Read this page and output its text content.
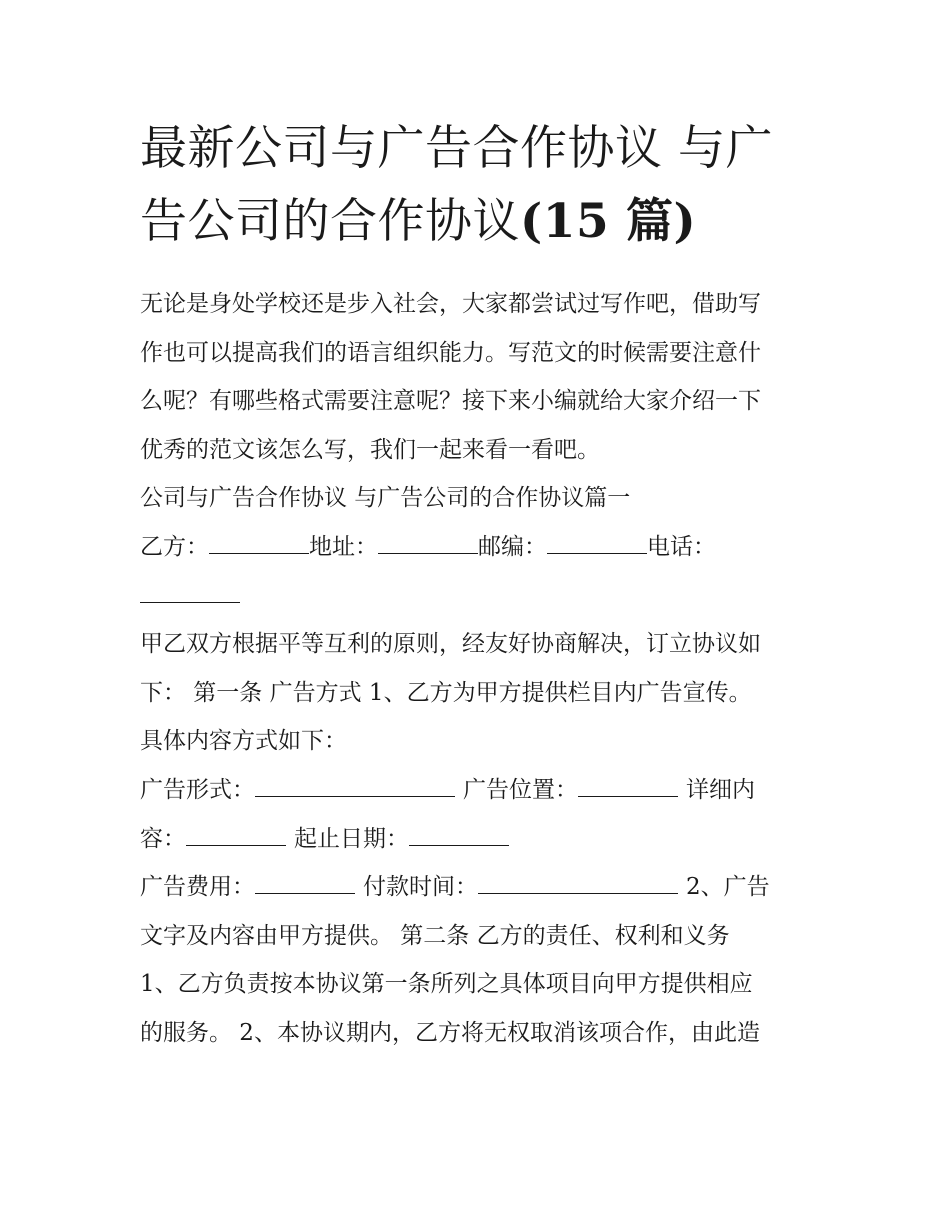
最新公司与广告合作协议 与广
告公司的合作协议(15 篇)
无论是身处学校还是步入社会，大家都尝试过写作吧，借助写
作也可以提高我们的语言组织能力。写范文的时候需要注意什
么呢？有哪些格式需要注意呢？接下来小编就给大家介绍一下
优秀的范文该怎么写，我们一起来看一看吧。
公司与广告合作协议 与广告公司的合作协议篇一
乙方：	地址：	邮编：	电话：
甲乙双方根据平等互利的原则，经友好协商解决，订立协议如
下： 第一条 广告方式 1、乙方为甲方提供栏目内广告宣传。
具体内容方式如下：
广告形式：	广告位置：	详细内
容：	起止日期：
广告费用：	付款时间：	2、广告
文字及内容由甲方提供。 第二条 乙方的责任、权利和义务
1、乙方负责按本协议第一条所列之具体项目向甲方提供相应
的服务。 2、本协议期内，乙方将无权取消该项合作，由此造
